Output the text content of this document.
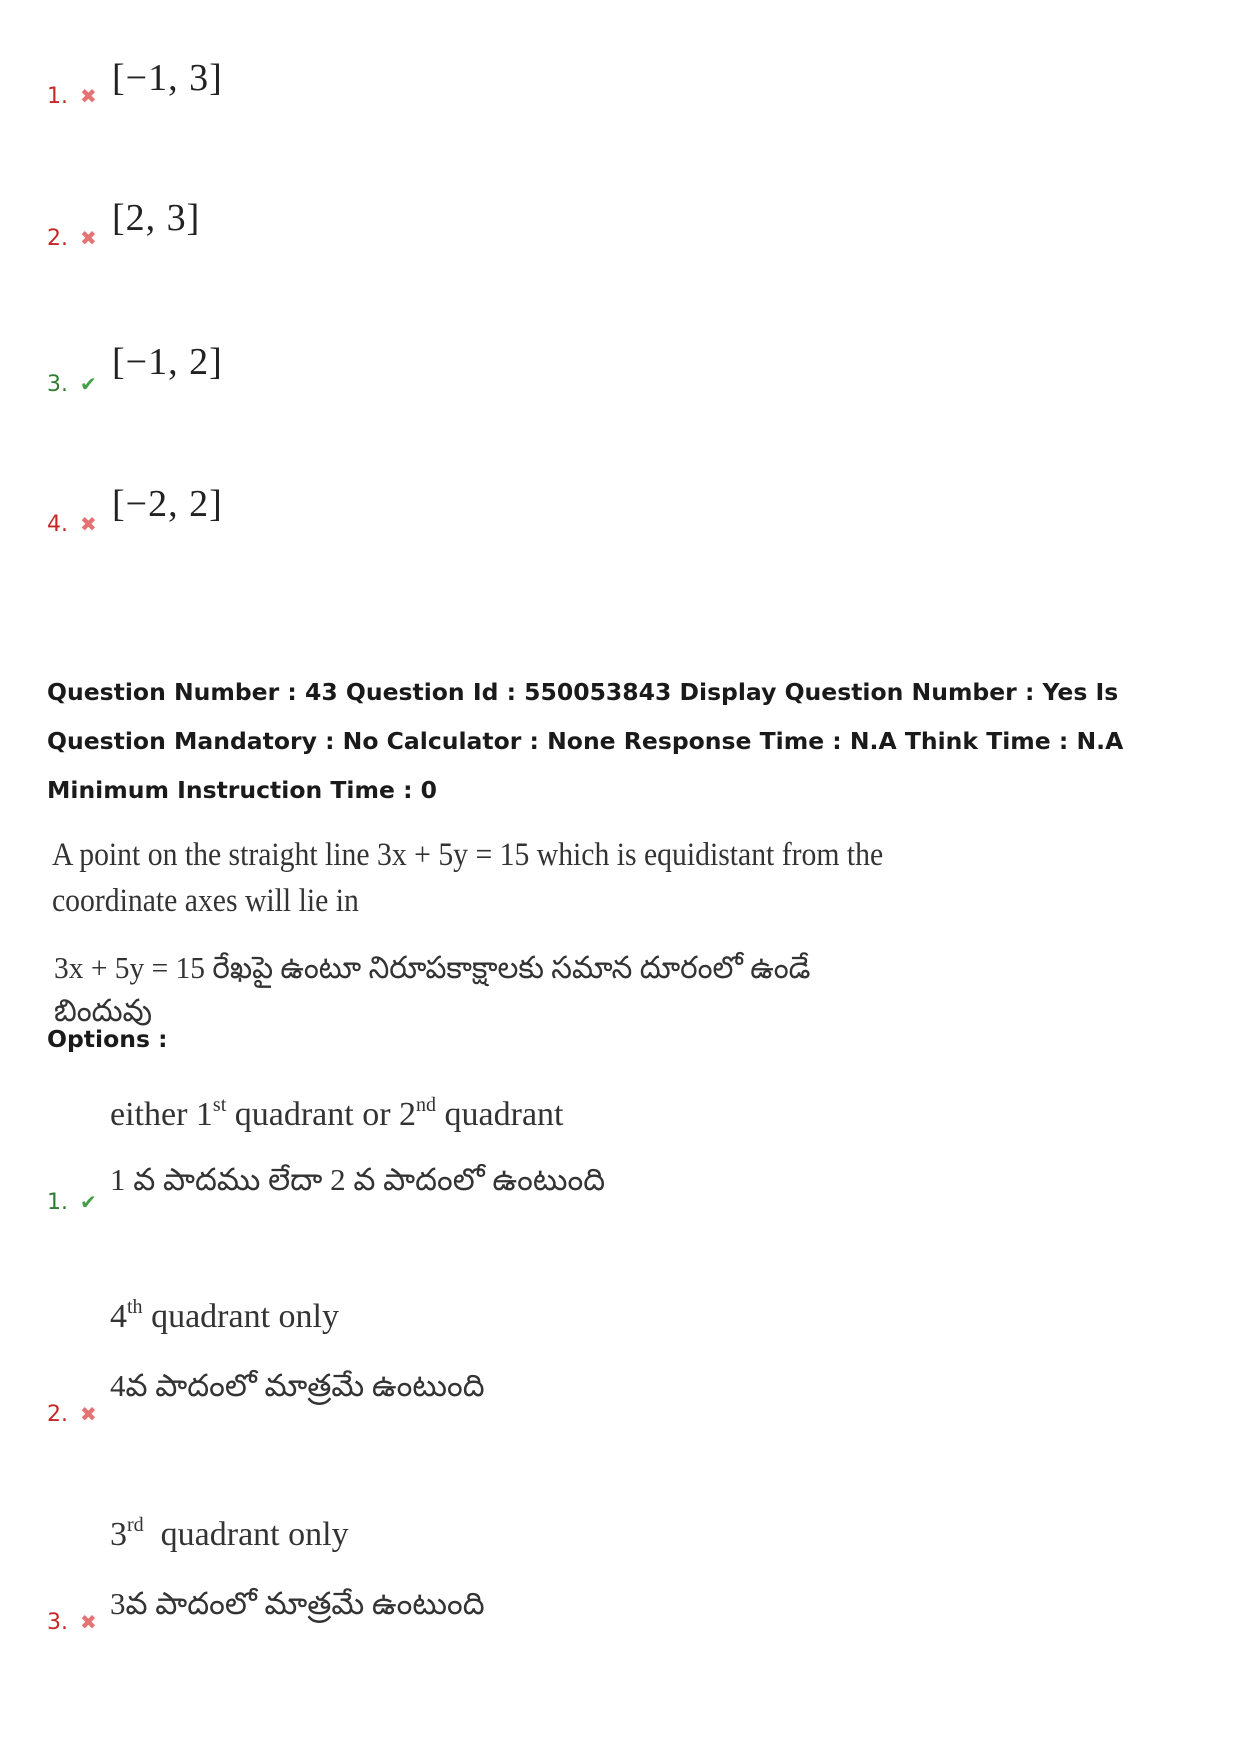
1. ✖ [−1, 3]
2. ✖ [2, 3]
3. ✔
[−1, 2]
4. ✖ [−2, 2]
Question Number : 43 Question Id : 550053843 Display Question Number : Yes Is Question Mandatory : No Calculator : None Response Time : N.A Think Time : N.A Minimum Instruction Time : 0
A point on the straight line 3x + 5y = 15 which is equidistant from the coordinate axes will lie in
3x + 5y = 15 రేఖపై ఉంటూ నిరూపకాక్షాలకు సమాన దూరంలో ఉండే బిందువు
Options :
either 1st quadrant or 2nd quadrant
1 వ పాదము లేదా 2 వ పాదంలో ఉంటుంది
1. ✔
4th quadrant only
4వ పాదంలో మాత్రమే ఉంటుంది
2. ✖
3rd  quadrant only
3వ పాదంలో మాత్రమే ఉంటుంది
3. ✖
